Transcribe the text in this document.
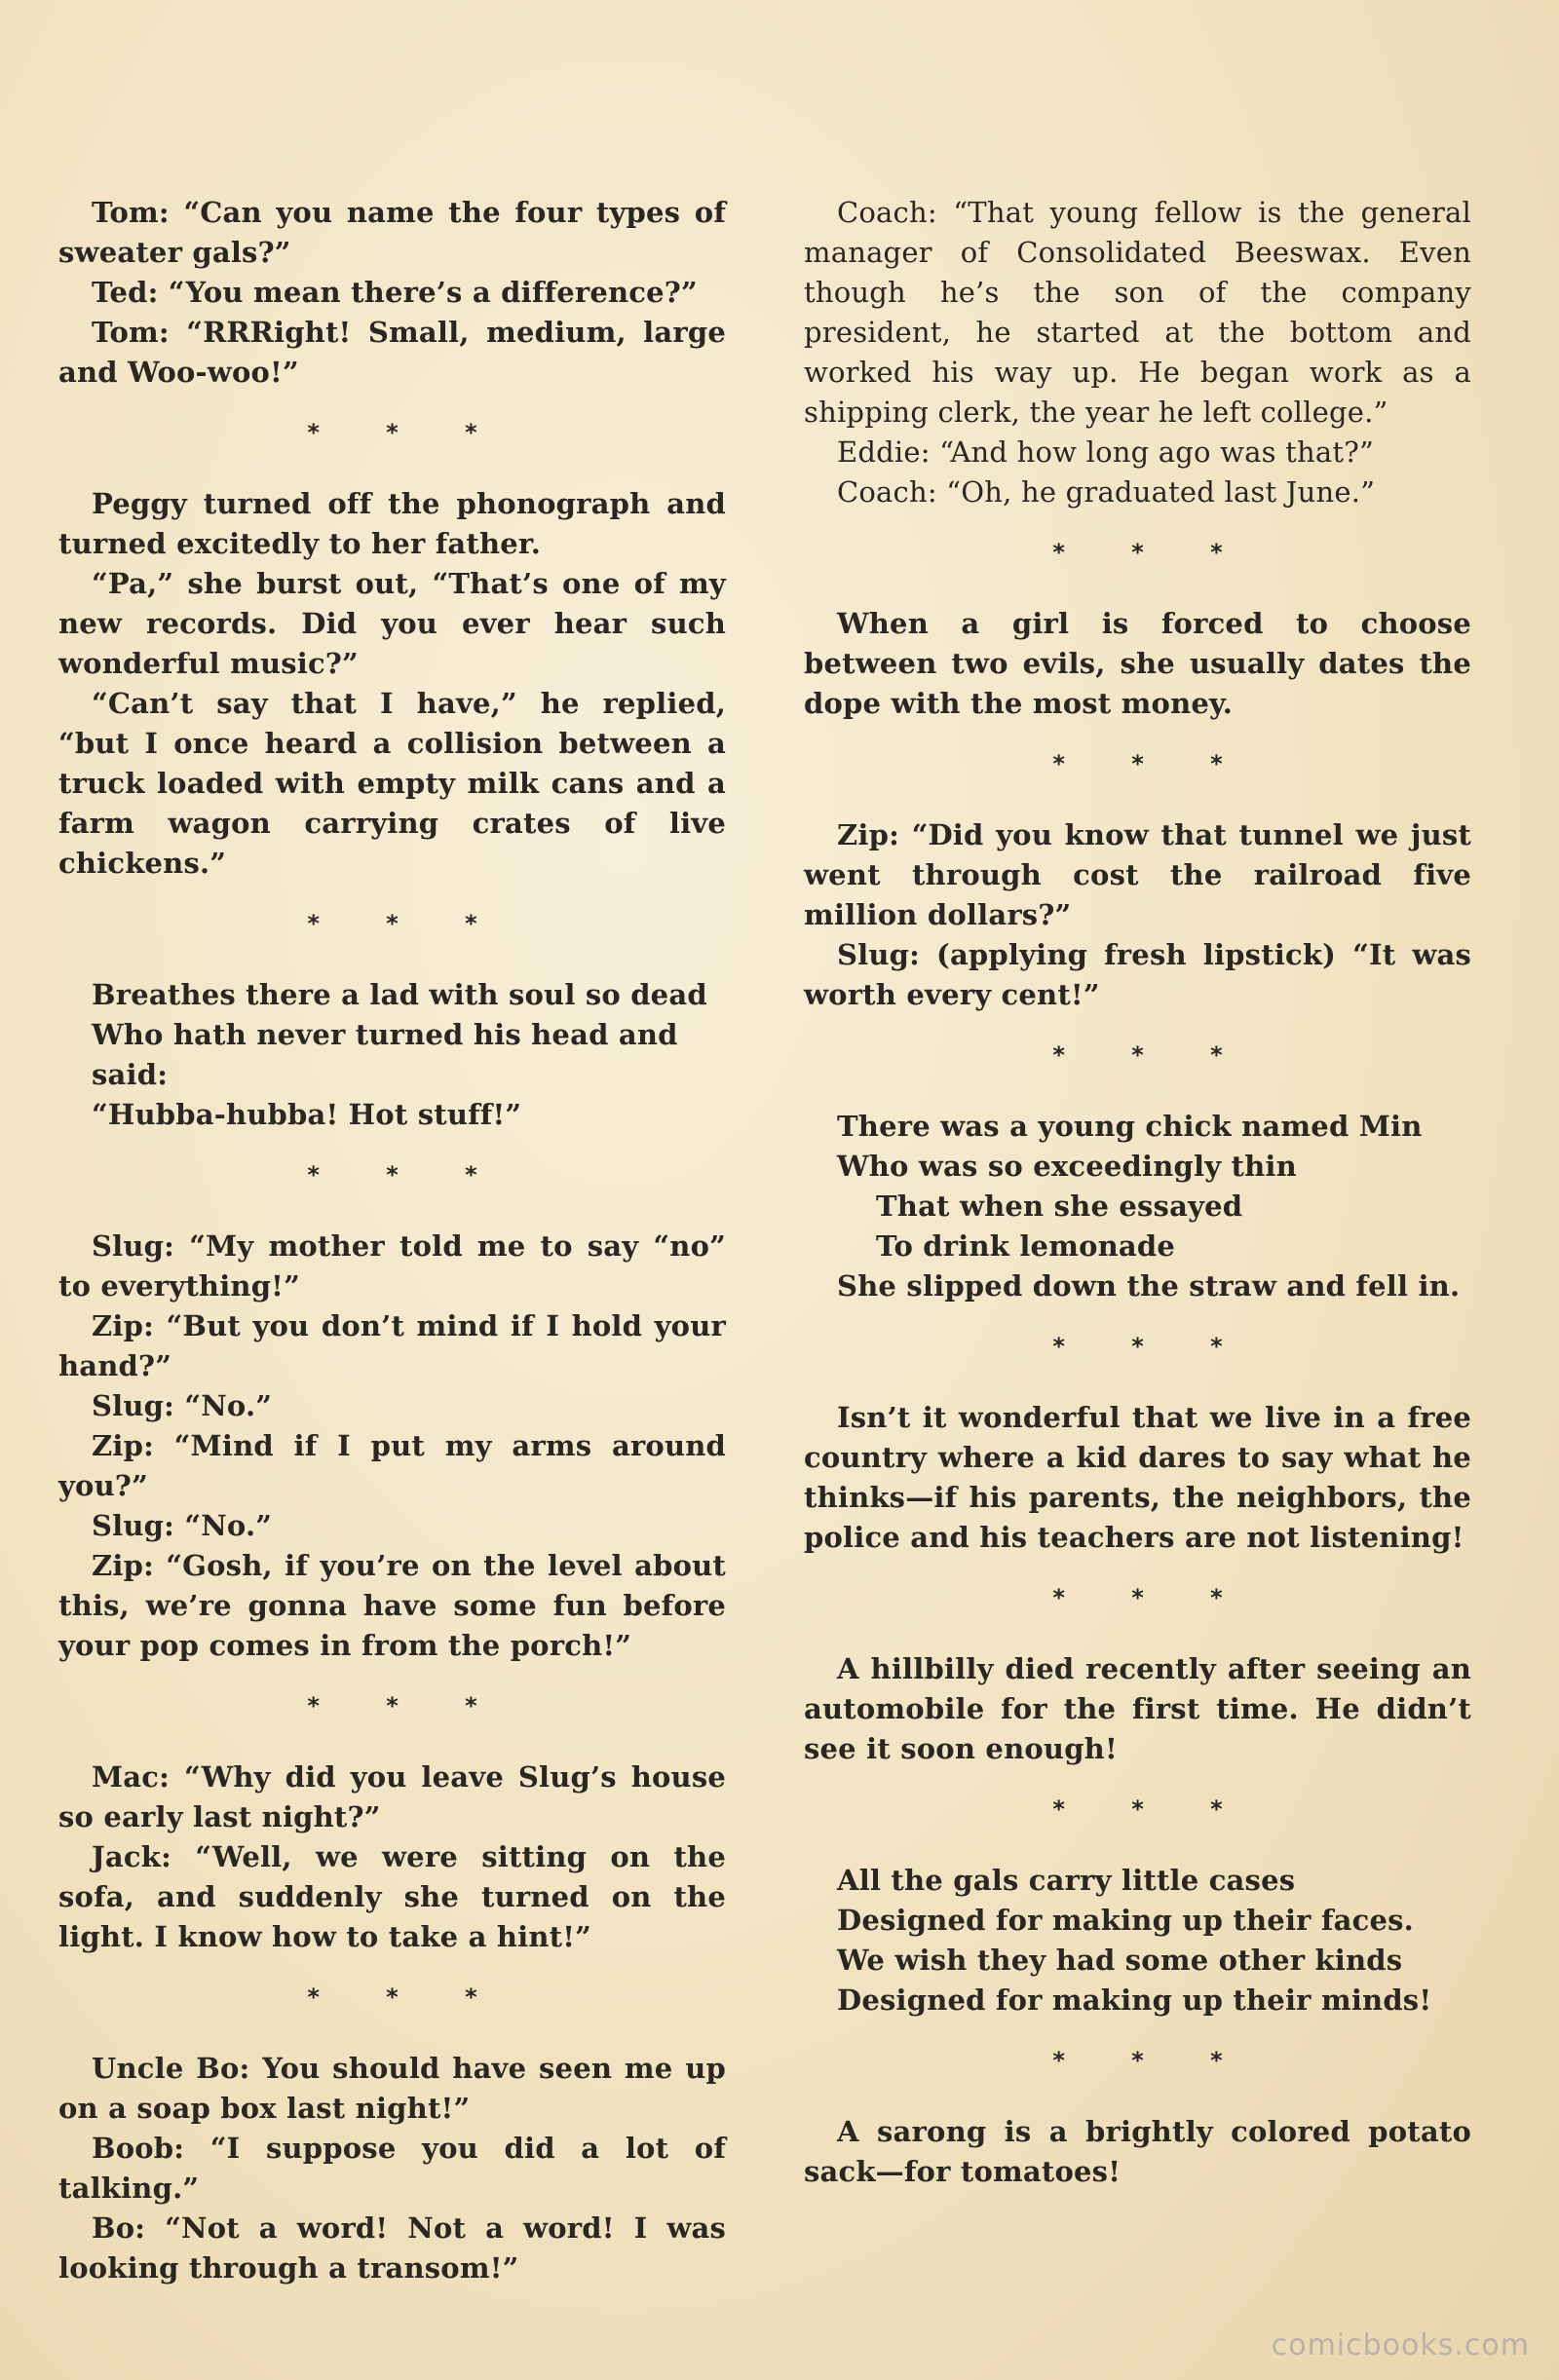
Tom: “Can you name the four types of sweater gals?”

Ted: “You mean there’s a difference?”

Tom: “RRRight! Small, medium, large and Woo-woo!”

* * *

Peggy turned off the phonograph and turned excitedly to her father.

“Pa,” she burst out, “That’s one of my new records. Did you ever hear such wonderful music?”

“Can’t say that I have,” he replied, “but I once heard a collision between a truck loaded with empty milk cans and a farm wagon carrying crates of live chickens.”

* * *

Breathes there a lad with soul so dead

Who hath never turned his head and said:

“Hubba-hubba! Hot stuff!”

* * *

Slug: “My mother told me to say “no” to everything!”

Zip: “But you don’t mind if I hold your hand?”

Slug: “No.”

Zip: “Mind if I put my arms around you?”

Slug: “No.”

Zip: “Gosh, if you’re on the level about this, we’re gonna have some fun before your pop comes in from the porch!”

* * *

Mac: “Why did you leave Slug’s house so early last night?”

Jack: “Well, we were sitting on the sofa, and suddenly she turned on the light. I know how to take a hint!”

* * *

Uncle Bo: You should have seen me up on a soap box last night!”

Boob: “I suppose you did a lot of talking.”

Bo: “Not a word! Not a word! I was looking through a transom!”

Coach: “That young fellow is the general manager of Consolidated Beeswax. Even though he’s the son of the company president, he started at the bottom and worked his way up. He began work as a shipping clerk, the year he left college.”

Eddie: “And how long ago was that?”

Coach: “Oh, he graduated last June.”

* * *

When a girl is forced to choose between two evils, she usually dates the dope with the most money.

* * *

Zip: “Did you know that tunnel we just went through cost the railroad five million dollars?”

Slug: (applying fresh lipstick) “It was worth every cent!”

* * *

There was a young chick named Min

Who was so exceedingly thin

That when she essayed

To drink lemonade

She slipped down the straw and fell in.

* * *

Isn’t it wonderful that we live in a free country where a kid dares to say what he thinks—if his parents, the neighbors, the police and his teachers are not listening!

* * *

A hillbilly died recently after seeing an automobile for the first time. He didn’t see it soon enough!

* * *

All the gals carry little cases

Designed for making up their faces.

We wish they had some other kinds

Designed for making up their minds!

* * *

A sarong is a brightly colored potato sack—for tomatoes!

comicbooks.com
